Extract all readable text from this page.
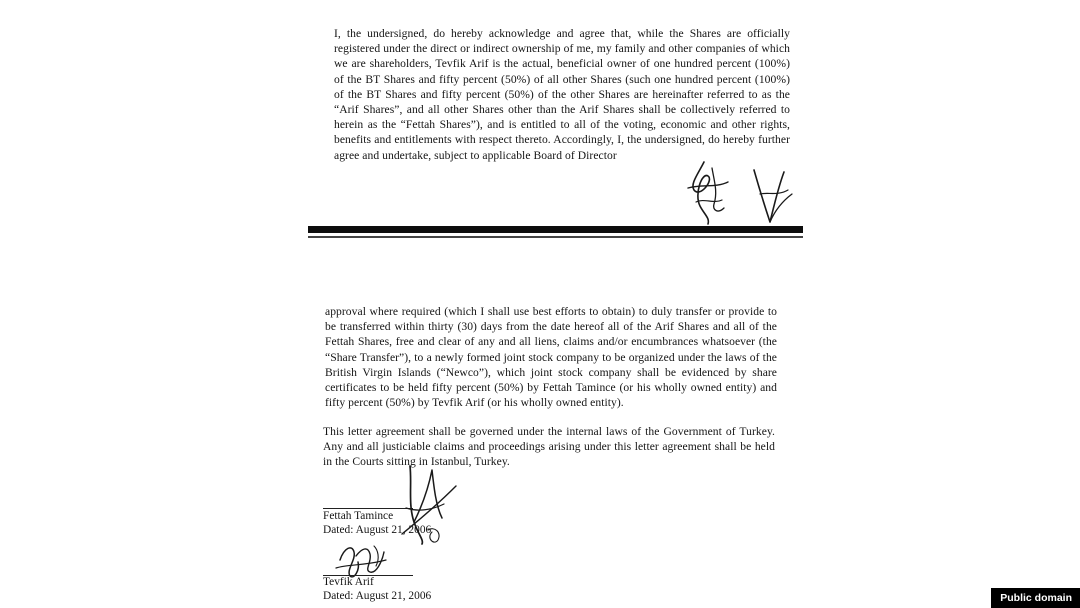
I, the undersigned, do hereby acknowledge and agree that, while the Shares are officially registered under the direct or indirect ownership of me, my family and other companies of which we are shareholders, Tevfik Arif is the actual, beneficial owner of one hundred percent (100%) of the BT Shares and fifty percent (50%) of all other Shares (such one hundred percent (100%) of the BT Shares and fifty percent (50%) of the other Shares are hereinafter referred to as the “Arif Shares”, and all other Shares other than the Arif Shares shall be collectively referred to herein as the “Fettah Shares”), and is entitled to all of the voting, economic and other rights, benefits and entitlements with respect thereto. Accordingly, I, the undersigned, do hereby further agree and undertake, subject to applicable Board of Director

approval where required (which I shall use best efforts to obtain) to duly transfer or provide to be transferred within thirty (30) days from the date hereof all of the Arif Shares and all of the Fettah Shares, free and clear of any and all liens, claims and/or encumbrances whatsoever (the “Share Transfer”), to a newly formed joint stock company to be organized under the laws of the British Virgin Islands (“Newco”), which joint stock company shall be evidenced by share certificates to be held fifty percent (50%) by Fettah Tamince (or his wholly owned entity) and fifty percent (50%) by Tevfik Arif (or his wholly owned entity).

This letter agreement shall be governed under the internal laws of the Government of Turkey. Any and all justiciable claims and proceedings arising under this letter agreement shall be held in the Courts sitting in Istanbul, Turkey.

Fettah Tamince
Dated: August 21, 2006
Tevfik Arif
Dated: August 21, 2006	Public domain
